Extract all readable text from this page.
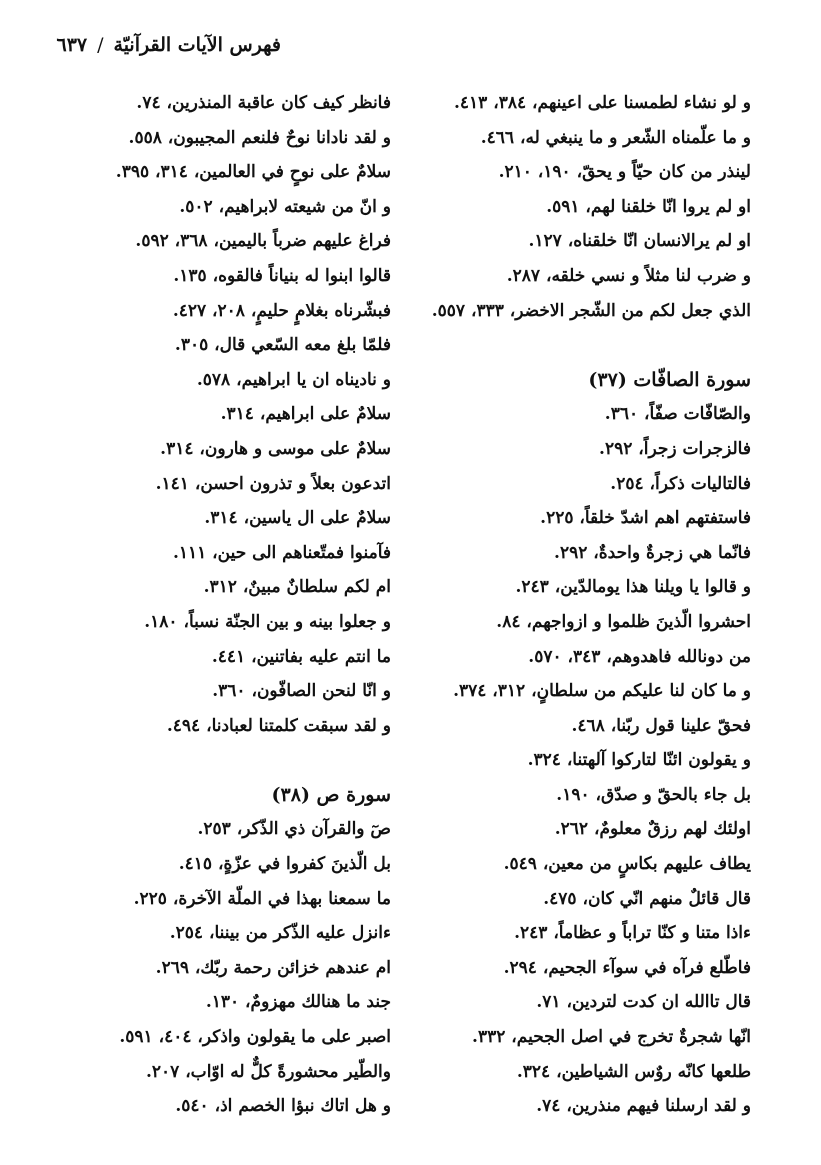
فهرس الآيات القرآنيّة/٦٣٧
و لو نشاء لطمسنا على اعينهم، ٣٨٤، ٤١٣.
و ما علّمناه الشّعر و ما ينبغي له، ٤٦٦.
لينذر من كان حيّاً و يحقّ، ١٩٠، ٢١٠.
او لم يروا انّا خلقنا لهم، ٥٩١.
او لم يرالانسان انّا خلقناه، ١٢٧.
و ضرب لنا مثلاً و نسي خلقه، ٢٨٧.
الذي جعل لكم من الشّجر الاخضر، ٣٣٣، ٥٥٧.
سورة الصافّات (٣٧)
والصّافّات صفّاً، ٣٦٠.
فالزجرات زجراً، ٢٩٢.
فالتاليات ذكراً، ٢٥٤.
فاستفتهم اهم اشدّ خلقاً، ٢٢٥.
فانّما هي زجرةٌ واحدةٌ، ٢٩٢.
و قالوا يا ويلنا هذا يومالدّين، ٢٤٣.
احشروا الّذينَ ظلموا و ازواجهم، ٨٤.
من دونالله فاهدوهم، ٣٤٣، ٥٧٠.
و ما كان لنا عليكم من سلطانٍ، ٣١٢، ٣٧٤.
فحقّ علينا قول ربّنا، ٤٦٨.
و يقولون ائنّا لتاركوا آلهتنا، ٣٢٤.
بل جاء بالحقّ و صدّق، ١٩٠.
اولئك لهم رزقٌ معلومٌ، ٢٦٢.
يطاف عليهم بكاسٍ من معين، ٥٤٩.
قال قائلٌ منهم انّي كان، ٤٧٥.
ءاذا متنا و كنّا تراباً و عظاماً، ٢٤٣.
فاطّلع فرآه في سوآء الجحيم، ٢٩٤.
قال تاالله ان كدت لتردين، ٧١.
انّها شجرةٌ تخرج في اصل الجحيم، ٣٣٢.
طلعها كانّه روٌس الشياطين، ٣٢٤.
و لقد ارسلنا فيهم منذرين، ٧٤.
فانظر كيف كان عاقبة المنذرين، ٧٤.
و لقد نادانا نوحٌ فلنعم المجيبون، ٥٥٨.
سلامٌ على نوحٍ في العالمين، ٣١٤، ٣٩٥.
و انّ من شيعته لابراهيم، ٥٠٢.
فراغ عليهم ضرباً باليمين، ٣٦٨، ٥٩٢.
قالوا ابنوا له بنياناً فالقوه، ١٣٥.
فبشّرناه بغلامٍ حليمٍ، ٢٠٨، ٤٢٧.
فلمّا بلغ معه السّعي قال، ٣٠٥.
و ناديناه ان يا ابراهيم، ٥٧٨.
سلامٌ على ابراهيم، ٣١٤.
سلامٌ على موسى و هارون، ٣١٤.
اتدعون بعلاً و تذرون احسن، ١٤١.
سلامٌ على ال ياسين، ٣١٤.
فآمنوا فمتّعناهم الى حين، ١١١.
ام لكم سلطانٌ مبينٌ، ٣١٢.
و جعلوا بينه و بين الجنّة نسباً، ١٨٠.
ما انتم عليه بفاتنين، ٤٤١.
و انّا لنحن الصافّون، ٣٦٠.
و لقد سبقت كلمتنا لعبادنا، ٤٩٤.
سورة ص (٣٨)
صٓ والقرآن ذي الذّكر، ٢٥٣.
بل الّذينَ كفروا في عزّةٍ، ٤١٥.
ما سمعنا بهذا في الملّة الآخرة، ٢٢٥.
ءانزل عليه الذّكر من بيننا، ٢٥٤.
ام عندهم خزائن رحمة ربّك، ٢٦٩.
جند ما هنالك مهزومٌ، ١٣٠.
اصبر على ما يقولون واذكر، ٤٠٤، ٥٩١.
والطّير محشورةً كلٌّ له اوّاب، ٢٠٧.
و هل اتاك نبؤا الخصم اذ، ٥٤٠.
